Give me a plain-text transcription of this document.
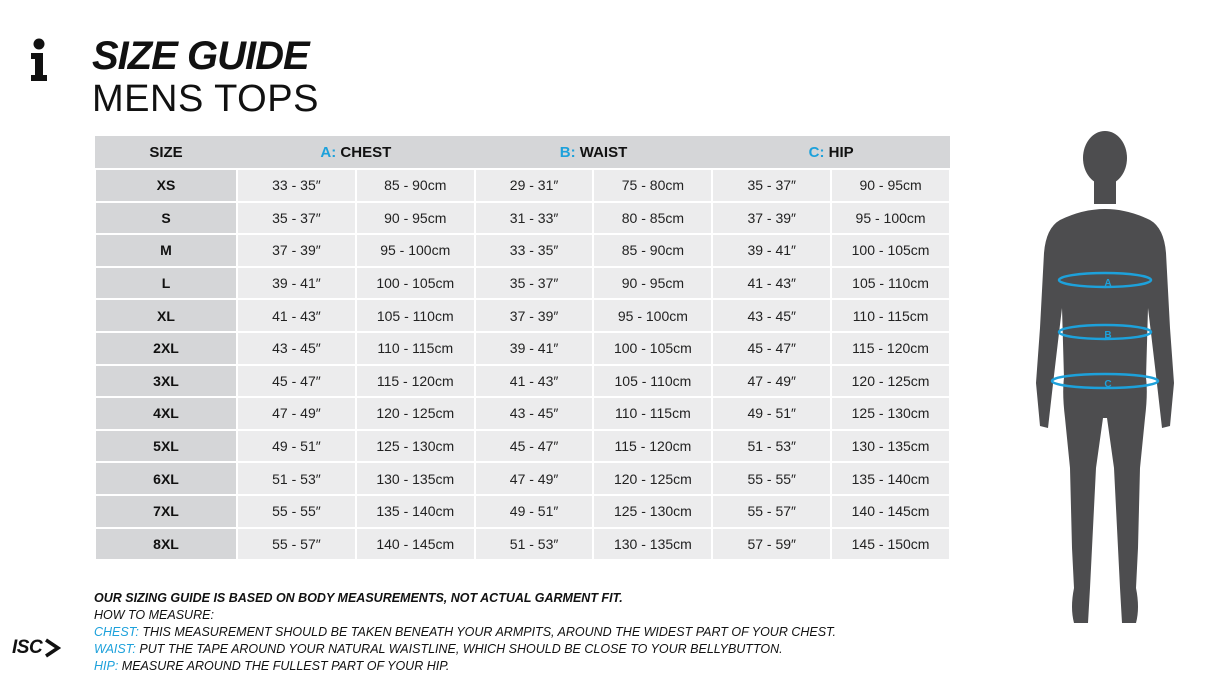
SIZE GUIDE
MENS TOPS
SIZE	A: CHEST		B: WAIST		C: HIP	
XS	33 - 35″	85 - 90cm	29 - 31″	75 - 80cm	35 - 37″	90 - 95cm
S	35 - 37″	90 - 95cm	31 - 33″	80 - 85cm	37 - 39″	95 - 100cm
M	37 - 39″	95 - 100cm	33 - 35″	85 - 90cm	39 - 41″	100 - 105cm
L	39 - 41″	100 - 105cm	35 - 37″	90 - 95cm	41 - 43″	105 - 110cm
XL	41 - 43″	105 - 110cm	37 - 39″	95 - 100cm	43 - 45″	110 - 115cm
2XL	43 - 45″	110 - 115cm	39 - 41″	100 - 105cm	45 - 47″	115 - 120cm
3XL	45 - 47″	115 - 120cm	41 - 43″	105 - 110cm	47 - 49″	120 - 125cm
4XL	47 - 49″	120 - 125cm	43 - 45″	110 - 115cm	49 - 51″	125 - 130cm
5XL	49 - 51″	125 - 130cm	45 - 47″	115 - 120cm	51 - 53″	130 - 135cm
6XL	51 - 53″	130 - 135cm	47 - 49″	120 - 125cm	55 - 55″	135 - 140cm
7XL	55 - 55″	135 - 140cm	49 - 51″	125 - 130cm	55 - 57″	140 - 145cm
8XL	55 - 57″	140 - 145cm	51 - 53″	130 - 135cm	57 - 59″	145 - 150cm
OUR SIZING GUIDE IS BASED ON BODY MEASUREMENTS, NOT ACTUAL GARMENT FIT.
HOW TO MEASURE:
CHEST: THIS MEASUREMENT SHOULD BE TAKEN BENEATH YOUR ARMPITS, AROUND THE WIDEST PART OF YOUR CHEST.
WAIST: PUT THE TAPE AROUND YOUR NATURAL WAISTLINE, WHICH SHOULD BE CLOSE TO YOUR BELLYBUTTON.
HIP: MEASURE AROUND THE FULLEST PART OF YOUR HIP.
ISC
A
B
C
